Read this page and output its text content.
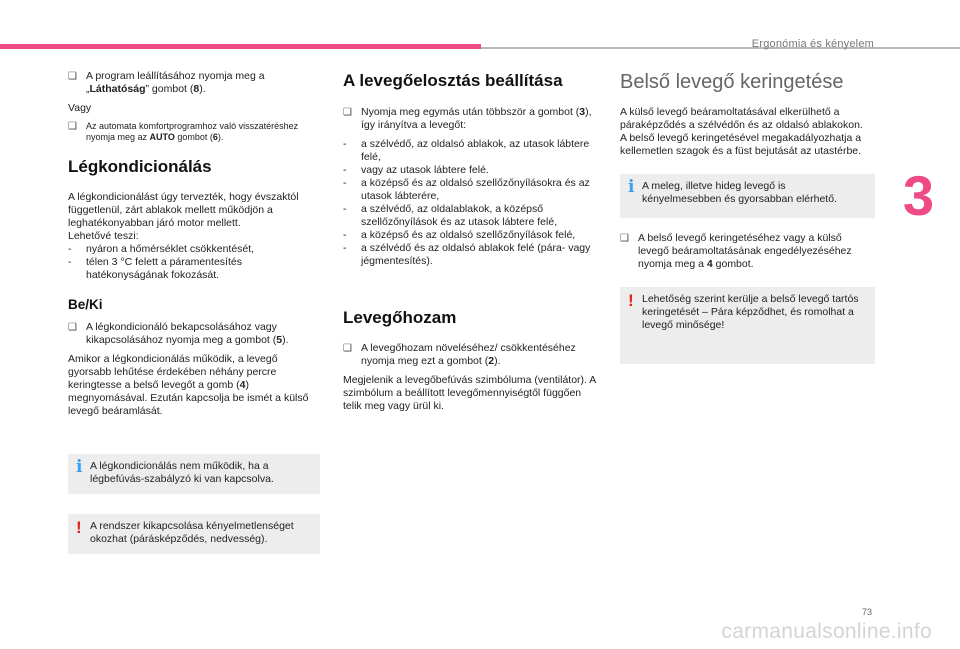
Ergonómia és kényelem
3
❑ A program leállításához nyomja meg a „Láthatóság” gombot (8).

Vagy

❑ Az automata komfortprogramhoz való visszatéréshez nyomja meg az AUTO gombot (6).
Légkondicionálás
A légkondicionálást úgy tervezték, hogy évszaktól függetlenül, zárt ablakok mellett működjön a leghatékonyabban járó motor mellett.
Lehetővé teszi:
- nyáron a hőmérséklet csökkentését,
- télen 3 °C felett a páramentesítés hatékonyságának fokozását.
Be/Ki
❑ A légkondicionáló bekapcsolásához vagy kikapcsolásához nyomja meg a gombot (5).

Amikor a légkondicionálás működik, a levegő gyorsabb lehűtése érdekében néhány percre keringtesse a belső levegőt a gomb (4) megnyomásával. Ezután kapcsolja be ismét a külső levegő beáramlását.

i A légkondicionálás nem működik, ha a légbefúvás-szabályzó ki van kapcsolva.
! A rendszer kikapcsolása kényelmetlenséget okozhat (párásképződés, nedvesség).
A levegőelosztás beállítása
❑ Nyomja meg egymás után többször a gombot (3), így irányítva a levegőt:
- a szélvédő, az oldalsó ablakok, az utasok lábtere felé,
- vagy az utasok lábtere felé.
- a középső és az oldalsó szellőzőnyílásokra és az utasok lábterére,
- a szélvédő, az oldalablakok, a középső szellőzőnyílások és az utasok lábtere felé,
- a középső és az oldalsó szellőzőnyílások felé,
- a szélvédő és az oldalsó ablakok felé (pára- vagy jégmentesítés).
Levegőhozam
❑ A levegőhozam növeléséhez/ csökkentéséhez nyomja meg ezt a gombot (2).

Megjelenik a levegőbefúvás szimbóluma (ventilátor). A szimbólum a beállított levegőmennyiségtől függően telik meg vagy ürül ki.

Belső levegő keringetése
A külső levegő beáramoltatásával elkerülhető a páraképződés a szélvédőn és az oldalsó ablakokon.
A belső levegő keringetésével megakadályozhatja a kellemetlen szagok és a füst bejutását az utastérbe.
i A meleg, illetve hideg levegő is kényelmesebben és gyorsabban elérhető.
❑ A belső levegő keringetéséhez vagy a külső levegő beáramoltatásának engedélyezéséhez nyomja meg a 4 gombot.
! Lehetőség szerint kerülje a belső levegő tartós keringetését – Pára képződhet, és romolhat a levegő minősége!
73
carmanualsonline.info
